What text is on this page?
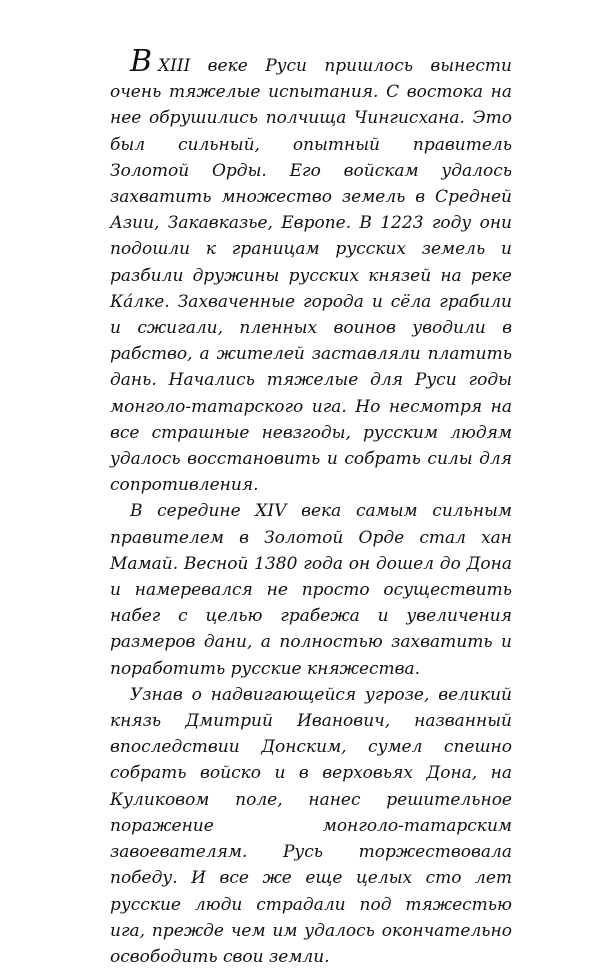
ВXIII веке Руси пришлось вынести очень тяжелые испытания. С востока на нее обрушились полчища Чингисхана. Это был сильный, опытный правитель Золотой Орды. Его войскам удалось захватить множество земель в Средней Азии, Закавказье, Европе. В 1223 году они подошли к границам русских земель и разбили дружины русских князей на реке Ка́лке. Захваченные города и сёла грабили и сжигали, пленных воинов уводили в рабство, а жителей заставляли платить дань. Начались тяжелые для Руси годы монголо-татарского ига. Но несмотря на все страшные невзгоды, русским людям удалось восстановить и собрать силы для сопротивления.

В середине XIV века самым сильным правителем в Золотой Орде стал хан Мамай. Весной 1380 года он дошел до Дона и намеревался не просто осуществить набег с целью грабежа и увеличения размеров дани, а полностью захватить и поработить русские княжества.

Узнав о надвигающейся угрозе, великий князь Дмитрий Иванович, названный впоследствии Донским, сумел спешно собрать войско и в верховьях Дона, на Куликовом поле, нанес решительное поражение монголо-татарским завоевателям. Русь торжествовала победу. И все же еще целых сто лет русские люди страдали под тяжестью ига, прежде чем им удалось окончательно освободить свои земли.
